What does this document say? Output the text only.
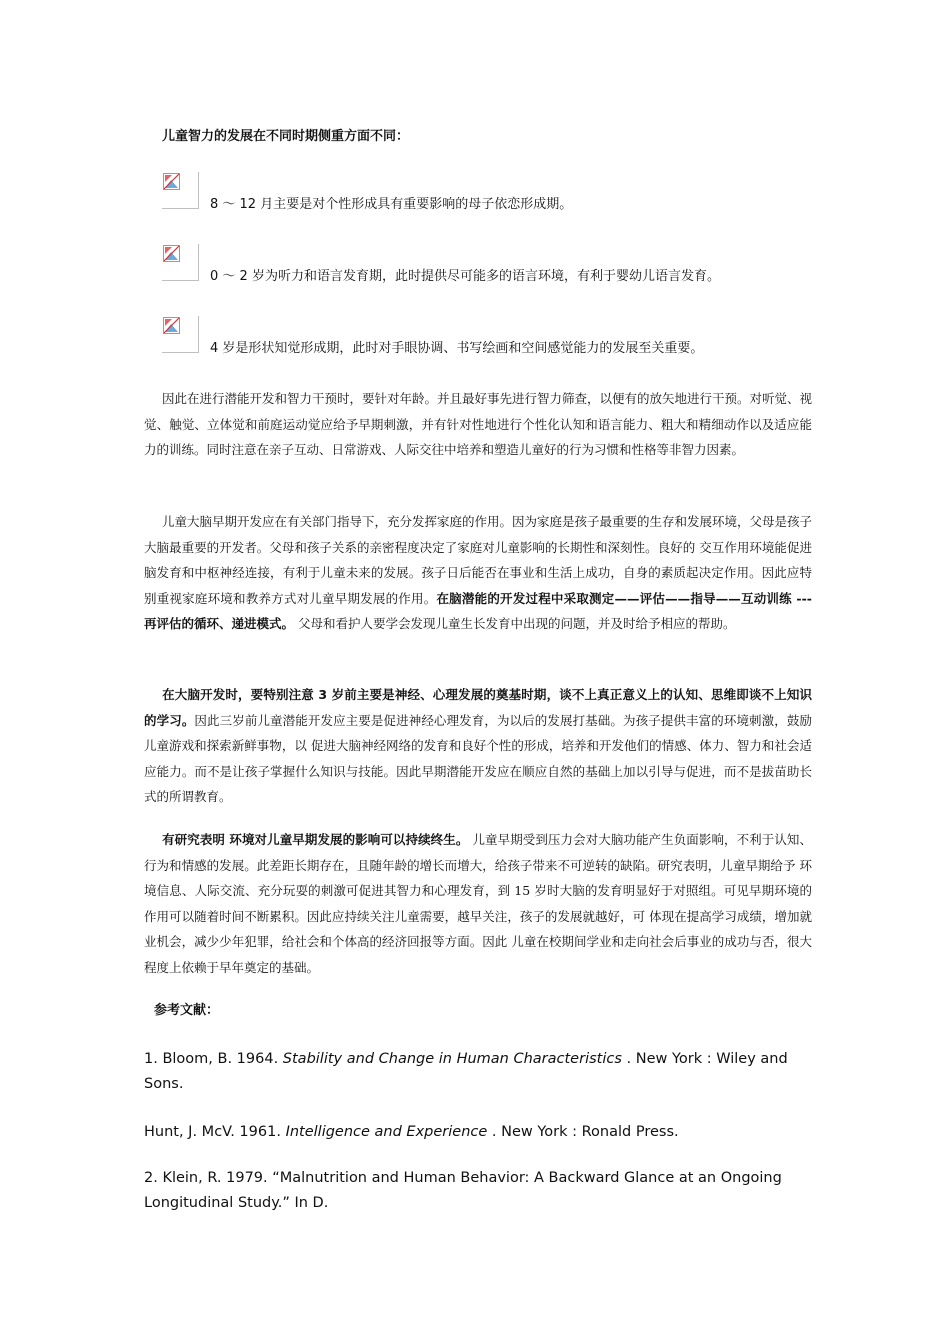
儿童智力的发展在不同时期侧重方面不同：
8 ～ 12 月主要是对个性形成具有重要影响的母子依恋形成期。
0 ～ 2 岁为听力和语言发育期，此时提供尽可能多的语言环境，有利于婴幼儿语言发育。
4 岁是形状知觉形成期，此时对手眼协调、书写绘画和空间感觉能力的发展至关重要。

因此在进行潜能开发和智力干预时，要针对年龄。并且最好事先进行智力筛查，以便有的放矢地进行干预。对听觉、视觉、触觉、立体觉和前庭运动觉应给予早期刺激，并有针对性地进行个性化认知和语言能力、粗大和精细动作以及适应能力的训练。同时注意在亲子互动、日常游戏、人际交往中培养和塑造儿童好的行为习惯和性格等非智力因素。

儿童大脑早期开发应在有关部门指导下，充分发挥家庭的作用。因为家庭是孩子最重要的生存和发展环境，父母是孩子大脑最重要的开发者。父母和孩子关系的亲密程度决定了家庭对儿童影响的长期性和深刻性。良好的 交互作用环境能促进脑发育和中枢神经连接，有利于儿童未来的发展。孩子日后能否在事业和生活上成功，自身的素质起决定作用。因此应特别重视家庭环境和教养方式对儿童早期发展的作用。在脑潜能的开发过程中采取测定——评估——指导——互动训练 --- 再评估的循环、递进模式。 父母和看护人要学会发现儿童生长发育中出现的问题，并及时给予相应的帮助。

在大脑开发时，要特别注意 3 岁前主要是神经、心理发展的奠基时期，谈不上真正意义上的认知、思维即谈不上知识的学习。因此三岁前儿童潜能开发应主要是促进神经心理发育，为以后的发展打基础。为孩子提供丰富的环境刺激，鼓励儿童游戏和探索新鲜事物，以 促进大脑神经网络的发育和良好个性的形成，培养和开发他们的情感、体力、智力和社会适应能力。而不是让孩子掌握什么知识与技能。因此早期潜能开发应在顺应自然的基础上加以引导与促进，而不是拔苗助长式的所谓教育。

有研究表明 环境对儿童早期发展的影响可以持续终生。 儿童早期受到压力会对大脑功能产生负面影响，不利于认知、行为和情感的发展。此差距长期存在，且随年龄的增长而增大，给孩子带来不可逆转的缺陷。研究表明，儿童早期给予 环境信息、人际交流、充分玩耍的刺激可促进其智力和心理发育，到 15 岁时大脑的发育明显好于对照组。可见早期环境的作用可以随着时间不断累积。因此应持续关注儿童需要，越早关注，孩子的发展就越好，可 体现在提高学习成绩，增加就业机会，减少少年犯罪，给社会和个体高的经济回报等方面。因此 儿童在校期间学业和走向社会后事业的成功与否，很大程度上依赖于早年奠定的基础。

参考文献：

1. Bloom, B. 1964. Stability and Change in Human Characteristics . New York : Wiley and Sons.

Hunt, J. McV. 1961. Intelligence and Experience . New York : Ronald Press.

2. Klein, R. 1979. “Malnutrition and Human Behavior: A Backward Glance at an Ongoing Longitudinal Study.” In D.
